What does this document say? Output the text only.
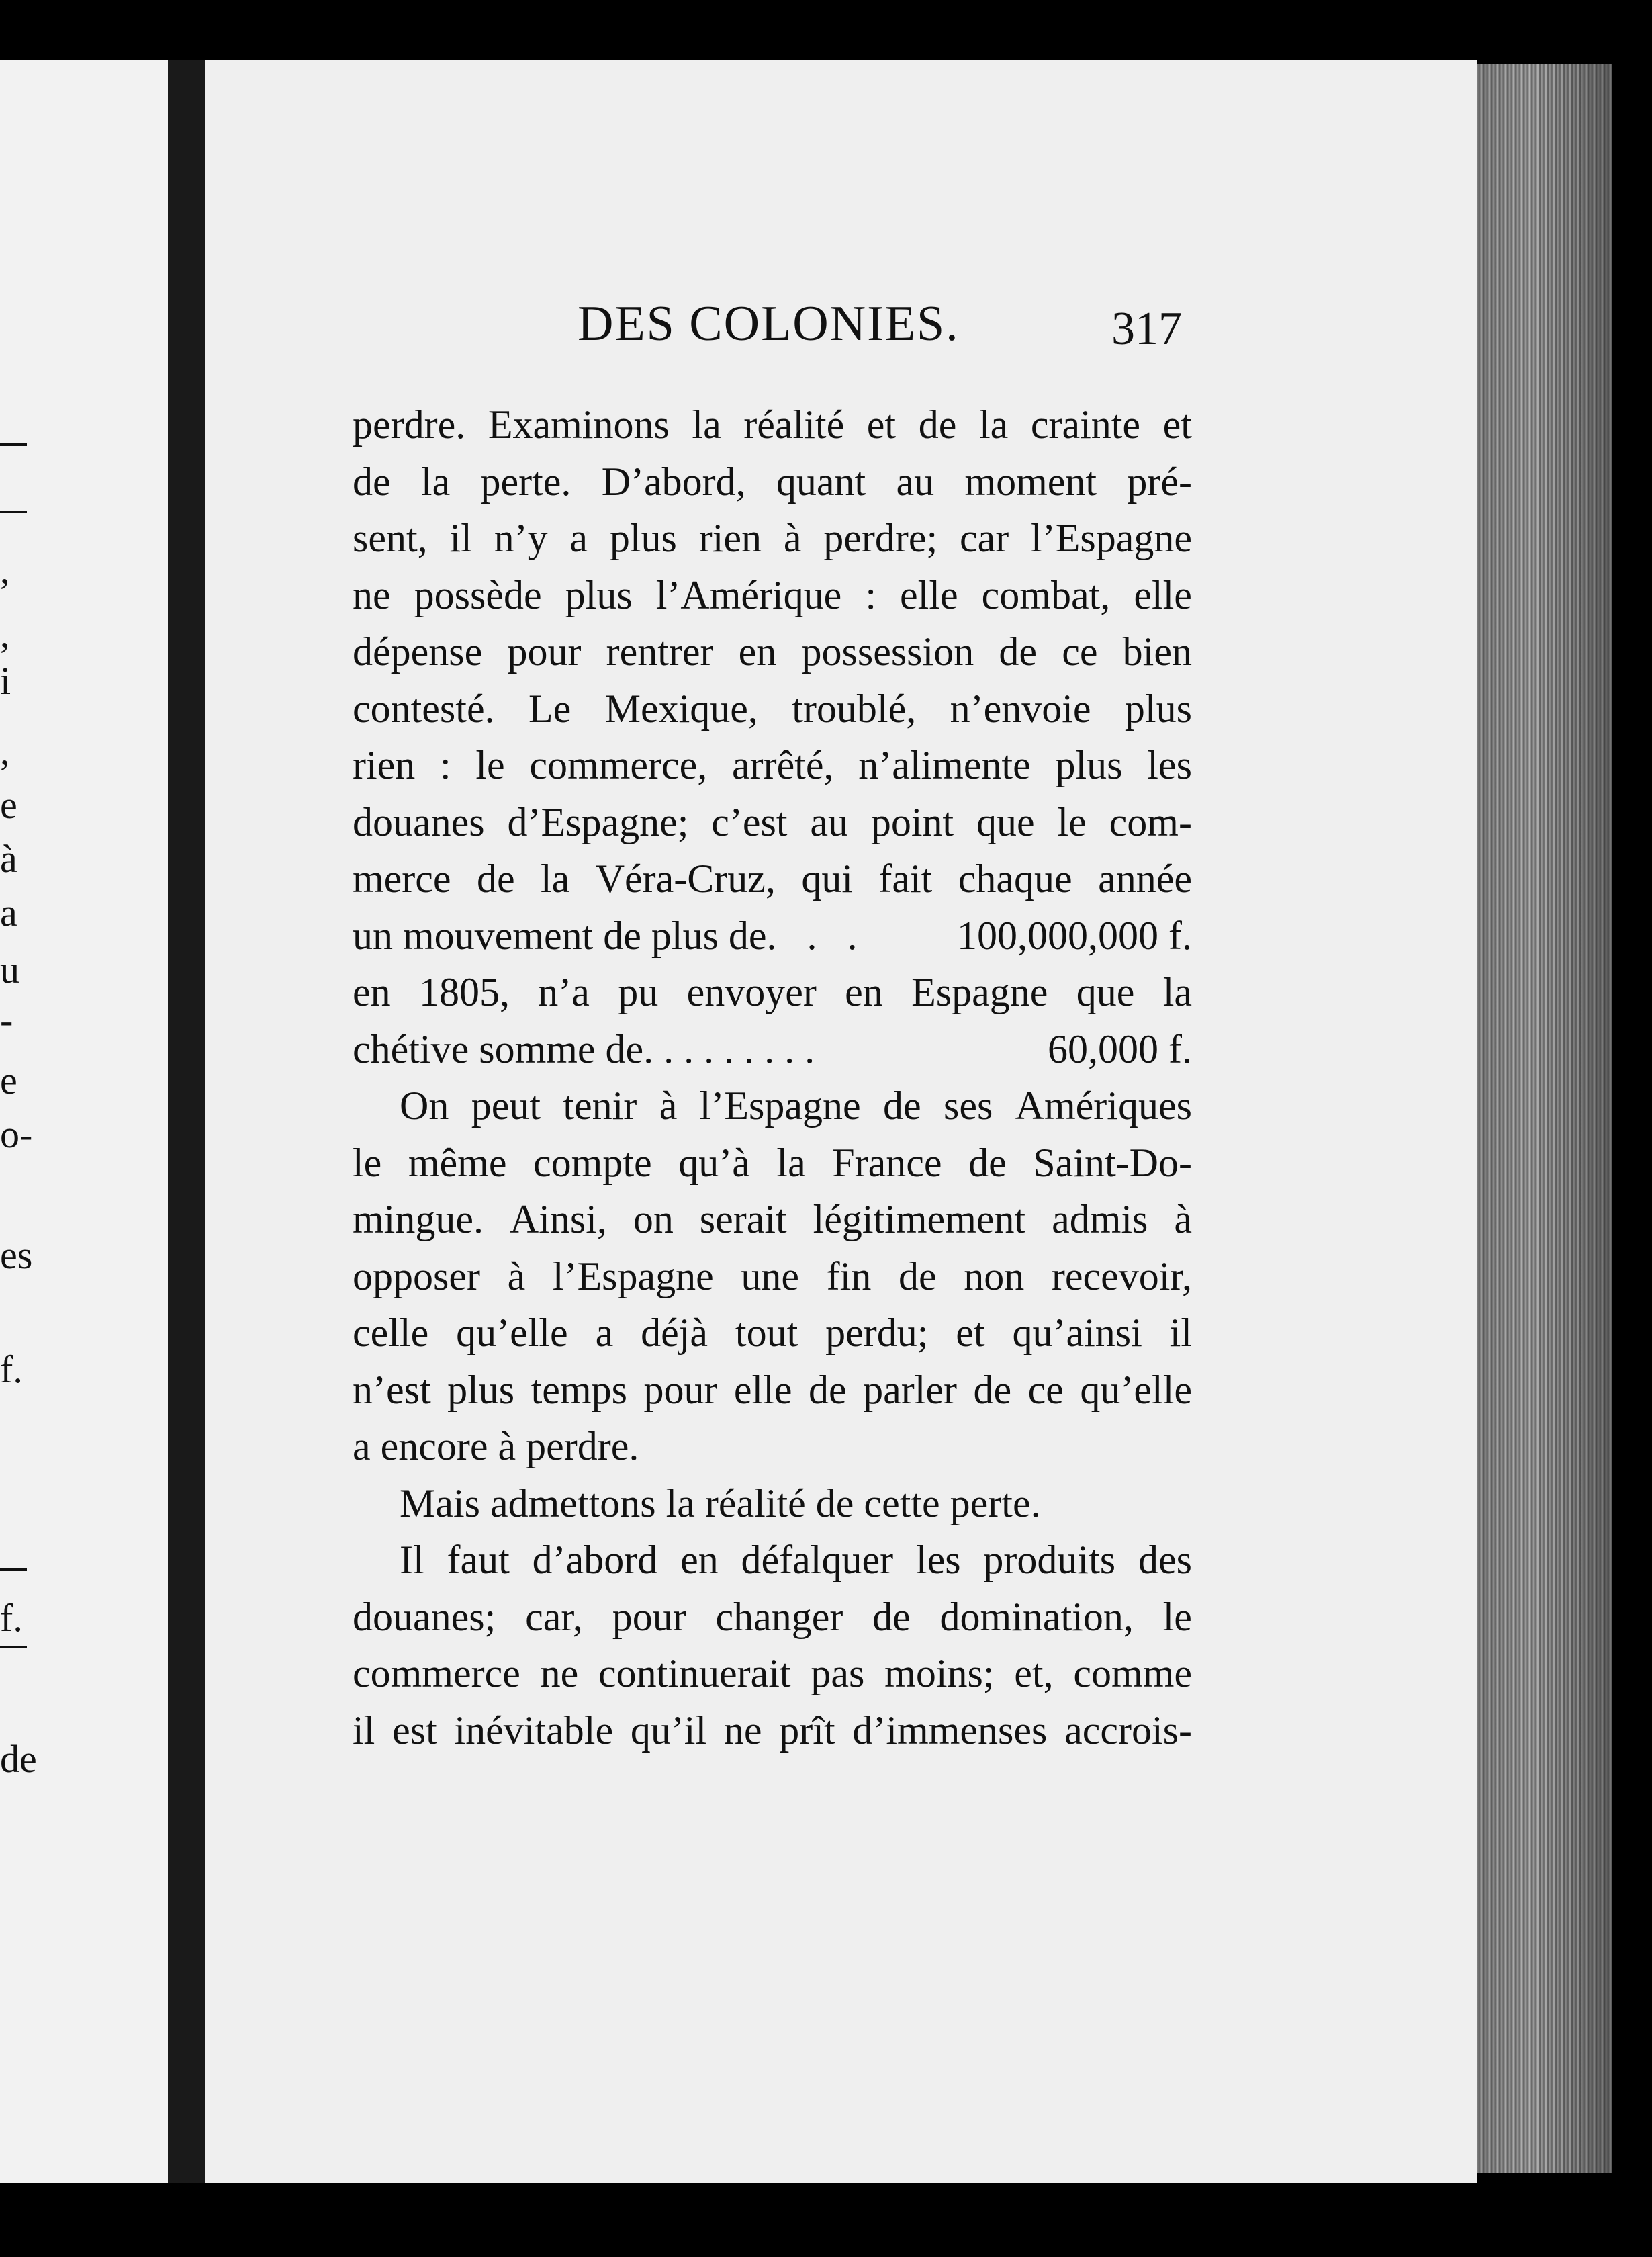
,
,
i
,
e
à
a
u
-
e
o-
es
f.
f.
de
DES COLONIES.	317
perdre. Examinons la réalité et de la crainte et
de la perte. D’abord, quant au moment pré-
sent, il n’y a plus rien à perdre; car l’Espagne
ne possède plus l’Amérique : elle combat, elle
dépense pour rentrer en possession de ce bien
contesté. Le Mexique, troublé, n’envoie plus
rien : le commerce, arrêté, n’alimente plus les
douanes d’Espagne; c’est au point que le com-
merce de la Véra-Cruz, qui fait chaque année
un mouvement de plus de.   .   . 100,000,000 f.
en 1805, n’a pu envoyer en Espagne que la
chétive somme de. . . . . . . . .	60,000 f.
On peut tenir à l’Espagne de ses Amériques
le même compte qu’à la France de Saint-Do-
mingue. Ainsi, on serait légitimement admis à
opposer à l’Espagne une fin de non recevoir,
celle qu’elle a déjà tout perdu; et qu’ainsi il
n’est plus temps pour elle de parler de ce qu’elle
a encore à perdre.
Mais admettons la réalité de cette perte.
Il faut d’abord en défalquer les produits des
douanes; car, pour changer de domination, le
commerce ne continuerait pas moins; et, comme
il est inévitable qu’il ne prît d’immenses accrois-
